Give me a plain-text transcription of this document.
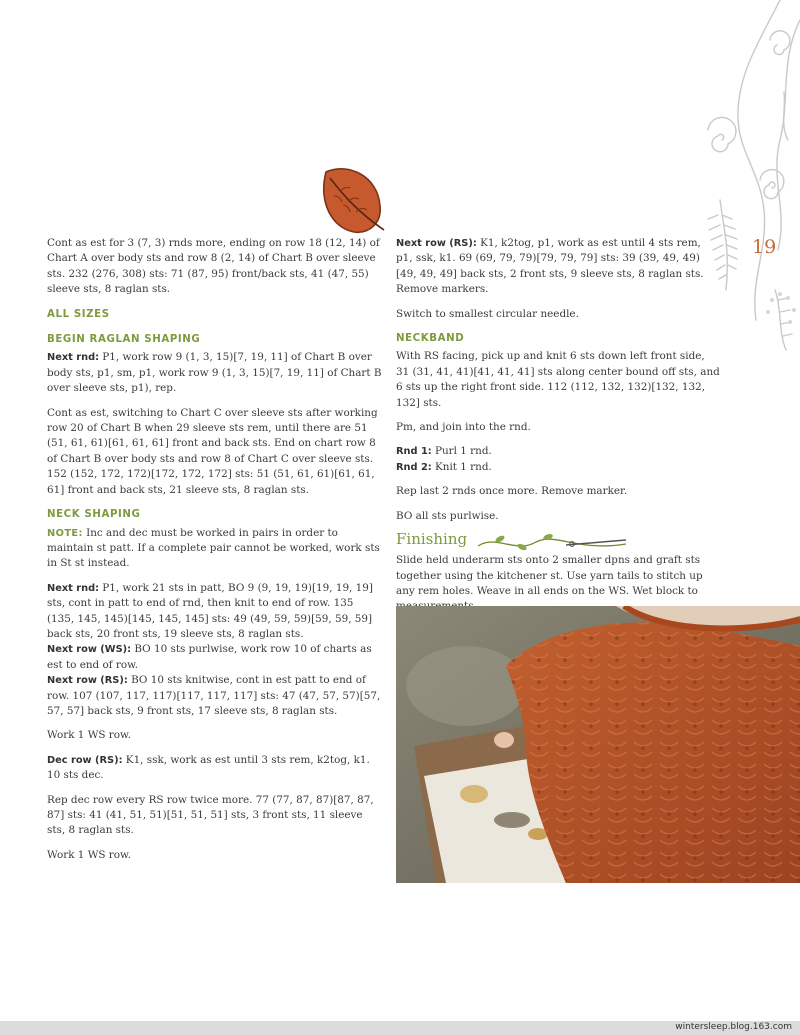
19

Cont as est for 3 (7, 3) rnds more, ending on row 18 (12, 14) of Chart A over body sts and row 8 (2, 14) of Chart B over sleeve sts. 232 (276, 308) sts: 71 (87, 95) front/back sts, 41 (47, 55) sleeve sts, 8 raglan sts.

ALL SIZES
BEGIN RAGLAN SHAPING

Next rnd: P1, work row 9 (1, 3, 15)[7, 19, 11] of Chart B over body sts, p1, sm, p1, work row 9 (1, 3, 15)[7, 19, 11] of Chart B over sleeve sts, p1), rep.

Cont as est, switching to Chart C over sleeve sts after working row 20 of Chart B when 29 sleeve sts rem, until there are 51 (51, 61, 61)[61, 61, 61] front and back sts. End on chart row 8 of Chart B over body sts and row 8 of Chart C over sleeve sts. 152 (152, 172, 172)[172, 172, 172] sts: 51 (51, 61, 61)[61, 61, 61] front and back sts, 21 sleeve sts, 8 raglan sts.

NECK SHAPING

NOTE: Inc and dec must be worked in pairs in order to maintain st patt. If a complete pair cannot be worked, work sts in St st instead.

Next rnd: P1, work 21 sts in patt, BO 9 (9, 19, 19)[19, 19, 19] sts, cont in patt to end of rnd, then knit to end of row. 135 (135, 145, 145)[145, 145, 145] sts: 49 (49, 59, 59)[59, 59, 59] back sts, 20 front sts, 19 sleeve sts, 8 raglan sts.

Next row (WS): BO 10 sts purlwise, work row 10 of charts as est to end of row.

Next row (RS): BO 10 sts knitwise, cont in est patt to end of row. 107 (107, 117, 117)[117, 117, 117] sts: 47 (47, 57, 57)[57, 57, 57] back sts, 9 front sts, 17 sleeve sts, 8 raglan sts.

Work 1 WS row.

Dec row (RS): K1, ssk, work as est until 3 sts rem, k2tog, k1. 10 sts dec.

Rep dec row every RS row twice more. 77 (77, 87, 87)[87, 87, 87] sts: 41 (41, 51, 51)[51, 51, 51] sts, 3 front sts, 11 sleeve sts, 8 raglan sts.

Work 1 WS row.

Next row (RS): K1, k2tog, p1, work as est until 4 sts rem, p1, ssk, k1. 69 (69, 79, 79)[79, 79, 79] sts: 39 (39, 49, 49)[49, 49, 49] back sts, 2 front sts, 9 sleeve sts, 8 raglan sts. Remove markers.

Switch to smallest circular needle.

NECKBAND

With RS facing, pick up and knit 6 sts down left front side, 31 (31, 41, 41)[41, 41, 41] sts along center bound off sts, and 6 sts up the right front side. 112 (112, 132, 132)[132, 132, 132] sts.

Pm, and join into the rnd.

Rnd 1: Purl 1 rnd.

Rnd 2: Knit 1 rnd.

Rep last 2 rnds once more. Remove marker.

BO all sts purlwise.

Finishing

Slide held underarm sts onto 2 smaller dpns and graft sts together using the kitchener st. Use yarn tails to stitch up any rem holes. Weave in all ends on the WS. Wet block to

wintersleep.blog.163.com
